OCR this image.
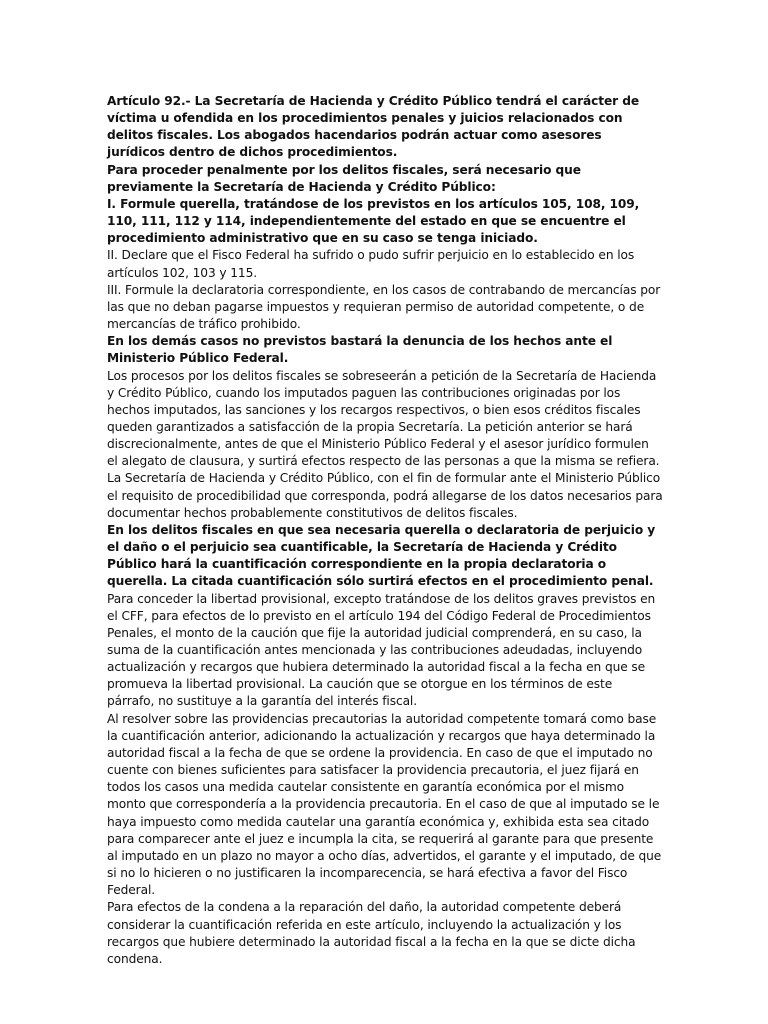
Artículo 92.- La Secretaría de Hacienda y Crédito Público tendrá el carácter de víctima u ofendida en los procedimientos penales y juicios relacionados con delitos fiscales. Los abogados hacendarios podrán actuar como asesores jurídicos dentro de dichos procedimientos.

Para proceder penalmente por los delitos fiscales, será necesario que previamente la Secretaría de Hacienda y Crédito Público:

I. Formule querella, tratándose de los previstos en los artículos 105, 108, 109, 110, 111, 112 y 114, independientemente del estado en que se encuentre el procedimiento administrativo que en su caso se tenga iniciado.

II. Declare que el Fisco Federal ha sufrido o pudo sufrir perjuicio en lo establecido en los artículos 102, 103 y 115.

III. Formule la declaratoria correspondiente, en los casos de contrabando de mercancías por las que no deban pagarse impuestos y requieran permiso de autoridad competente, o de mercancías de tráfico prohibido.

En los demás casos no previstos bastará la denuncia de los hechos ante el Ministerio Público Federal.

Los procesos por los delitos fiscales se sobreseerán a petición de la Secretaría de Hacienda y Crédito Público, cuando los imputados paguen las contribuciones originadas por los hechos imputados, las sanciones y los recargos respectivos, o bien esos créditos fiscales queden garantizados a satisfacción de la propia Secretaría. La petición anterior se hará discrecionalmente, antes de que el Ministerio Público Federal y el asesor jurídico formulen el alegato de clausura, y surtirá efectos respecto de las personas a que la misma se refiera.

La Secretaría de Hacienda y Crédito Público, con el fin de formular ante el Ministerio Público el requisito de procedibilidad que corresponda, podrá allegarse de los datos necesarios para documentar hechos probablemente constitutivos de delitos fiscales.

En los delitos fiscales en que sea necesaria querella o declaratoria de perjuicio y el daño o el perjuicio sea cuantificable, la Secretaría de Hacienda y Crédito Público hará la cuantificación correspondiente en la propia declaratoria o querella. La citada cuantificación sólo surtirá efectos en el procedimiento penal. Para conceder la libertad provisional, excepto tratándose de los delitos graves previstos en el CFF, para efectos de lo previsto en el artículo 194 del Código Federal de Procedimientos Penales, el monto de la caución que fije la autoridad judicial comprenderá, en su caso, la suma de la cuantificación antes mencionada y las contribuciones adeudadas, incluyendo actualización y recargos que hubiera determinado la autoridad fiscal a la fecha en que se promueva la libertad provisional. La caución que se otorgue en los términos de este párrafo, no sustituye a la garantía del interés fiscal.

Al resolver sobre las providencias precautorias la autoridad competente tomará como base la cuantificación anterior, adicionando la actualización y recargos que haya determinado la autoridad fiscal a la fecha de que se ordene la providencia. En caso de que el imputado no cuente con bienes suficientes para satisfacer la providencia precautoria, el juez fijará en todos los casos una medida cautelar consistente en garantía económica por el mismo monto que correspondería a la providencia precautoria. En el caso de que al imputado se le haya impuesto como medida cautelar una garantía económica y, exhibida esta sea citado para comparecer ante el juez e incumpla la cita, se requerirá al garante para que presente al imputado en un plazo no mayor a ocho días, advertidos, el garante y el imputado, de que si no lo hicieren o no justificaren la incomparecencia, se hará efectiva a favor del Fisco Federal.

Para efectos de la condena a la reparación del daño, la autoridad competente deberá considerar la cuantificación referida en este artículo, incluyendo la actualización y los recargos que hubiere determinado la autoridad fiscal a la fecha en la que se dicte dicha condena.
